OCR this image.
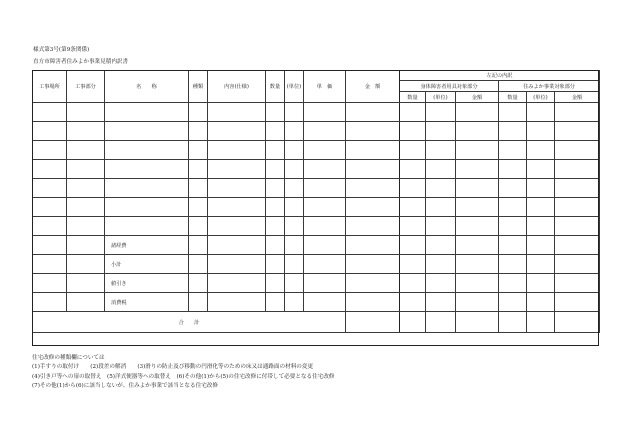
様式第3号(第9条関係)
直方市障害者住みよか事業見積内訳書
工事場所	工事部分	名　　称	種類	内容(仕様)	数量	(単位)	単　価	金　額	左記の内訳					
									身体障害者用具対象部分			住みよか事業対象部分		
									数量	(単位)	金額	数量	(単位)	金額

		諸経費												
		小計												
		値引き												
		消費税												
合　　計														
住宅改修の種類欄については
(1)手すりの取付け　　(2)段差の解消　　(3)滑りの防止及び移動の円滑化等のための床又は通路面の材料の変更
(4)引き戸等への扉の取替え　(5)洋式便器等への取替え　(6)その他(1)から(5)の住宅改修に付帯して必要となる住宅改修
(7)その他(1)から(6)に該当しないが、住みよか事業で該当となる住宅改修
